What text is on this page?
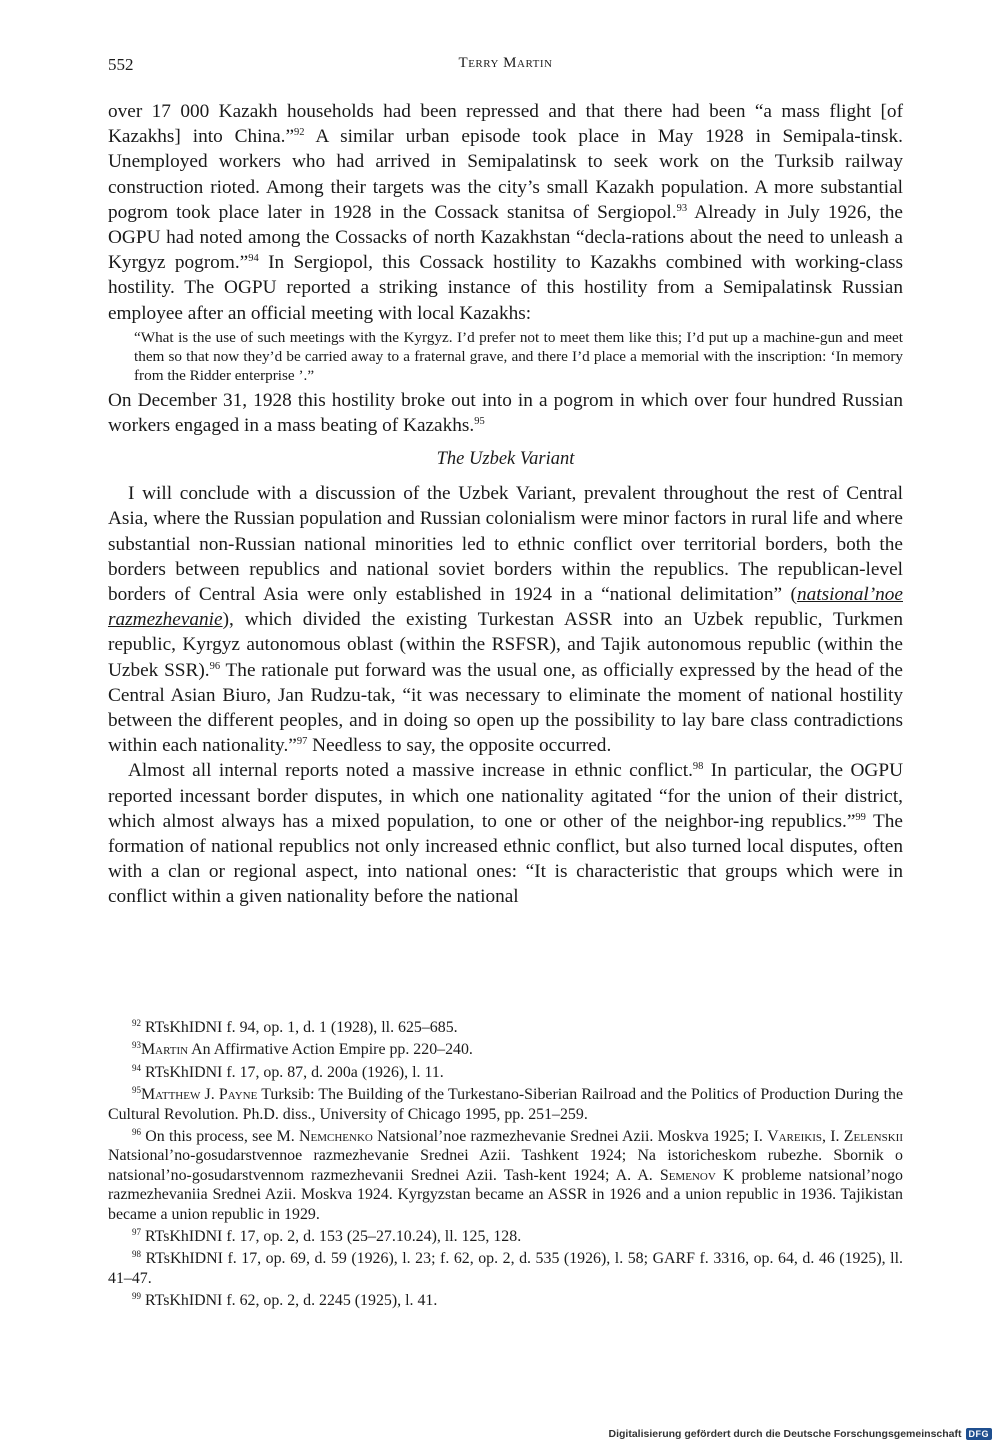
552	Terry Martin

over 17 000 Kazakh households had been repressed and that there had been “a mass flight [of Kazakhs] into China.”$^{92}$ A similar urban episode took place in May 1928 in Semipala-tinsk. Unemployed workers who had arrived in Semipalatinsk to seek work on the Turksib railway construction rioted. Among their targets was the city’s small Kazakh population. A more substantial pogrom took place later in 1928 in the Cossack stanitsa of Sergiopol.$^{93}$ Already in July 1926, the OGPU had noted among the Cossacks of north Kazakhstan “decla-rations about the need to unleash a Kyrgyz pogrom.”$^{94}$ In Sergiopol, this Cossack hostility to Kazakhs combined with working-class hostility. The OGPU reported a striking instance of this hostility from a Semipalatinsk Russian employee after an official meeting with local Kazakhs:

“What is the use of such meetings with the Kyrgyz. I’d prefer not to meet them like this; I’d put up a machine-gun and meet them so that now they’d be carried away to a fraternal grave, and there I’d place a memorial with the inscription: ‘In memory from the Ridder enterprise ’.”

On December 31, 1928 this hostility broke out into in a pogrom in which over four hundred Russian workers engaged in a mass beating of Kazakhs.$^{95}$

The Uzbek Variant

I will conclude with a discussion of the Uzbek Variant, prevalent throughout the rest of Central Asia, where the Russian population and Russian colonialism were minor factors in rural life and where substantial non-Russian national minorities led to ethnic conflict over territorial borders, both the borders between republics and national soviet borders within the republics. The republican-level borders of Central Asia were only established in 1924 in a “national delimitation” (natsional’noe razmezhevanie), which divided the existing Turkestan ASSR into an Uzbek republic, Turkmen republic, Kyrgyz autonomous oblast (within the RSFSR), and Tajik autonomous republic (within the Uzbek SSR).$^{96}$ The rationale put forward was the usual one, as officially expressed by the head of the Central Asian Biuro, Jan Rudzu-tak, “it was necessary to eliminate the moment of national hostility between the different peoples, and in doing so open up the possibility to lay bare class contradictions within each nationality.”$^{97}$ Needless to say, the opposite occurred.

Almost all internal reports noted a massive increase in ethnic conflict.$^{98}$ In particular, the OGPU reported incessant border disputes, in which one nationality agitated “for the union of their district, which almost always has a mixed population, to one or other of the neighbor-ing republics.”$^{99}$ The formation of national republics not only increased ethnic conflict, but also turned local disputes, often with a clan or regional aspect, into national ones: “It is characteristic that groups which were in conflict within a given nationality before the national

$^{92}$ RTsKhIDNI f. 94, op. 1, d. 1 (1928), ll. 625–685.
$^{93}$Martin An Affirmative Action Empire pp. 220–240.
$^{94}$ RTsKhIDNI f. 17, op. 87, d. 200a (1926), l. 11.
$^{95}$Matthew J. Payne Turksib: The Building of the Turkestano-Siberian Railroad and the Politics of Production During the Cultural Revolution. Ph.D. diss., University of Chicago 1995, pp. 251–259.
$^{96}$ On this process, see M. Nemchenko Natsional’noe razmezhevanie Srednei Azii. Moskva 1925; I. Vareikis, I. Zelenskii Natsional’no-gosudarstvennoe razmezhevanie Srednei Azii. Tashkent 1924; Na istoricheskom rubezhe. Sbornik o natsional’no-gosudarstvennom razmezhevanii Srednei Azii. Tash-kent 1924; A. A. Semenov K probleme natsional’nogo razmezhevaniia Srednei Azii. Moskva 1924. Kyrgyzstan became an ASSR in 1926 and a union republic in 1936. Tajikistan became a union republic in 1929.
$^{97}$ RTsKhIDNI f. 17, op. 2, d. 153 (25–27.10.24), ll. 125, 128.
$^{98}$ RTsKhIDNI f. 17, op. 69, d. 59 (1926), l. 23; f. 62, op. 2, d. 535 (1926), l. 58; GARF f. 3316, op. 64, d. 46 (1925), ll. 41–47.
$^{99}$ RTsKhIDNI f. 62, op. 2, d. 2245 (1925), l. 41.
Digitalisierung gefördert durch die Deutsche Forschungsgemeinschaft DFG
